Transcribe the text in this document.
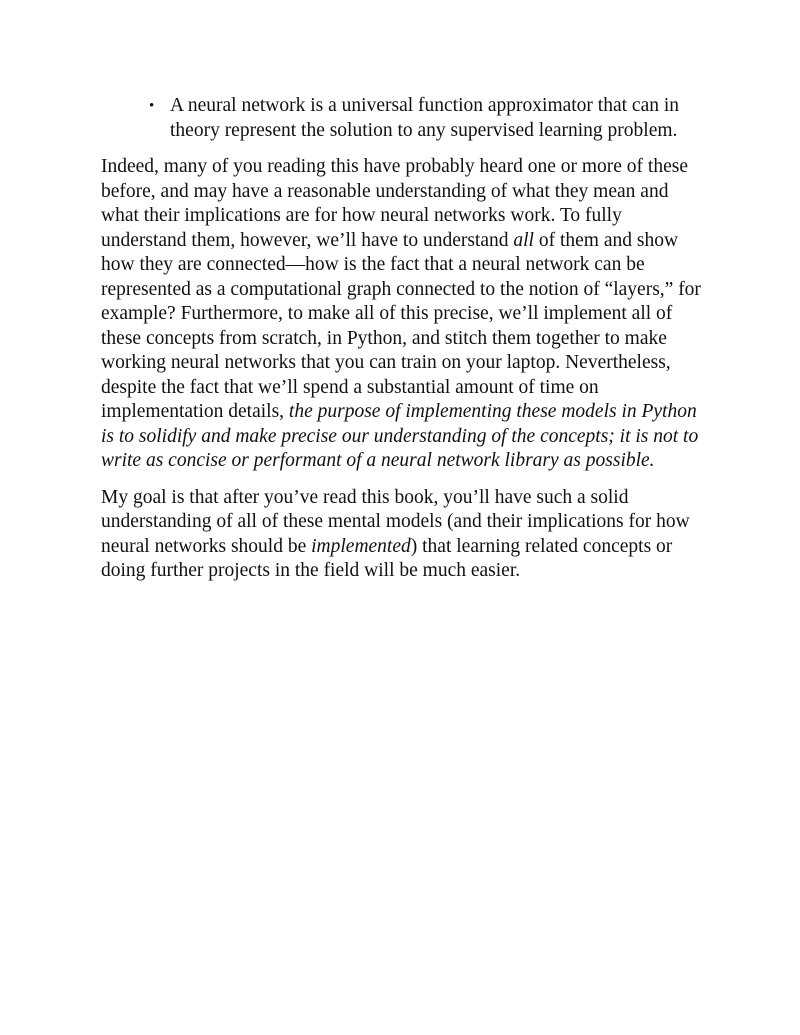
• A neural network is a universal function approximator that can in theory represent the solution to any supervised learning problem.

Indeed, many of you reading this have probably heard one or more of these before, and may have a reasonable understanding of what they mean and what their implications are for how neural networks work. To fully understand them, however, we’ll have to understand all of them and show how they are connected—how is the fact that a neural network can be represented as a computational graph connected to the notion of “layers,” for example? Furthermore, to make all of this precise, we’ll implement all of these concepts from scratch, in Python, and stitch them together to make working neural networks that you can train on your laptop. Nevertheless, despite the fact that we’ll spend a substantial amount of time on implementation details, the purpose of implementing these models in Python is to solidify and make precise our understanding of the concepts; it is not to write as concise or performant of a neural network library as possible.

My goal is that after you’ve read this book, you’ll have such a solid understanding of all of these mental models (and their implications for how neural networks should be implemented) that learning related concepts or doing further projects in the field will be much easier.
